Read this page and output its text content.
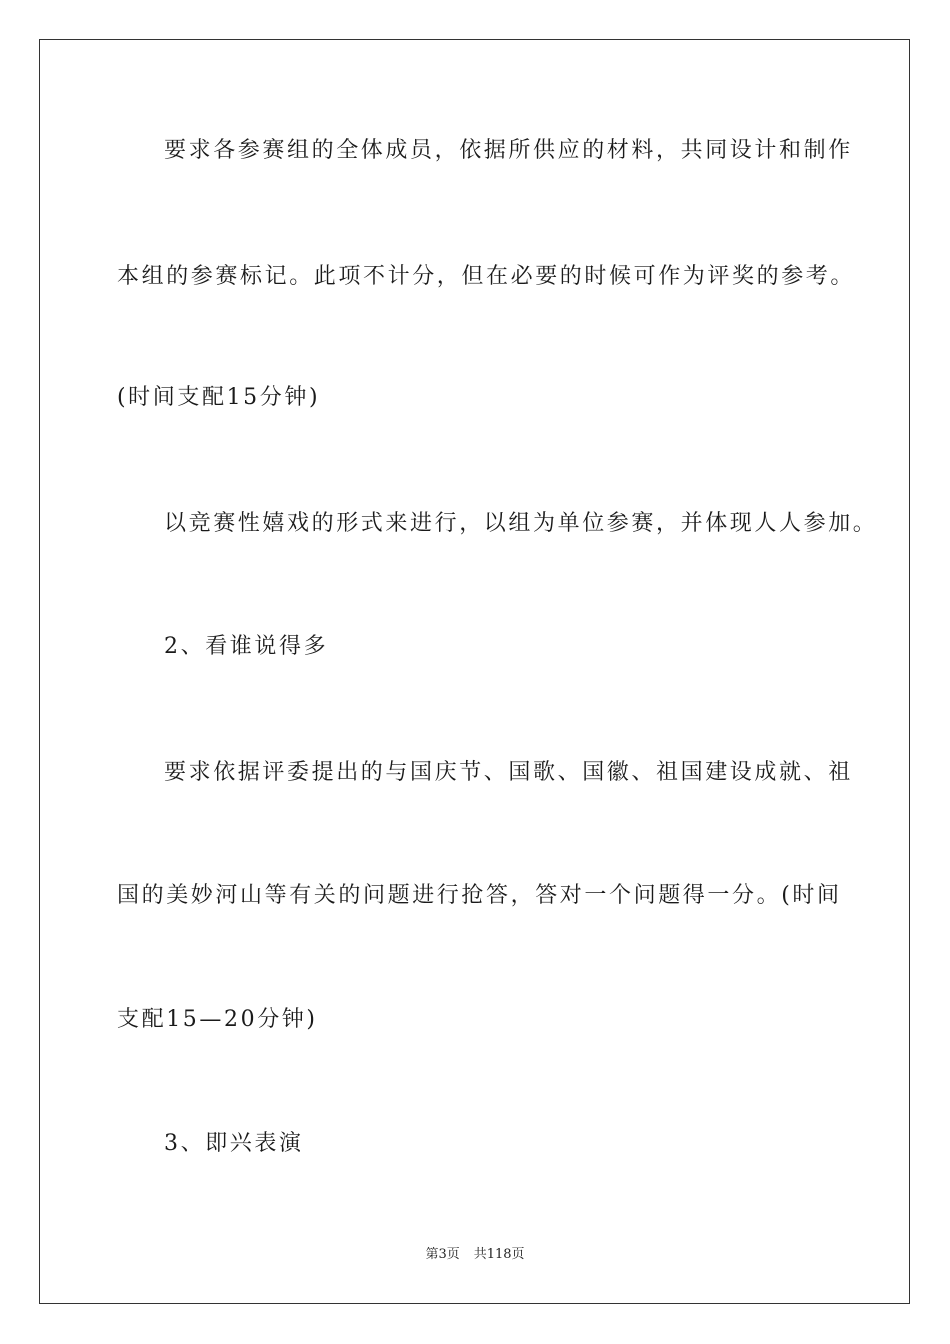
要求各参赛组的全体成员，依据所供应的材料，共同设计和制作
本组的参赛标记。此项不计分，但在必要的时候可作为评奖的参考。
(时间支配15分钟)
以竞赛性嬉戏的形式来进行，以组为单位参赛，并体现人人参加。
2、看谁说得多
要求依据评委提出的与国庆节、国歌、国徽、祖国建设成就、祖
国的美妙河山等有关的问题进行抢答，答对一个问题得一分。(时间
支配15—20分钟)
3、即兴表演
第3页 共118页
